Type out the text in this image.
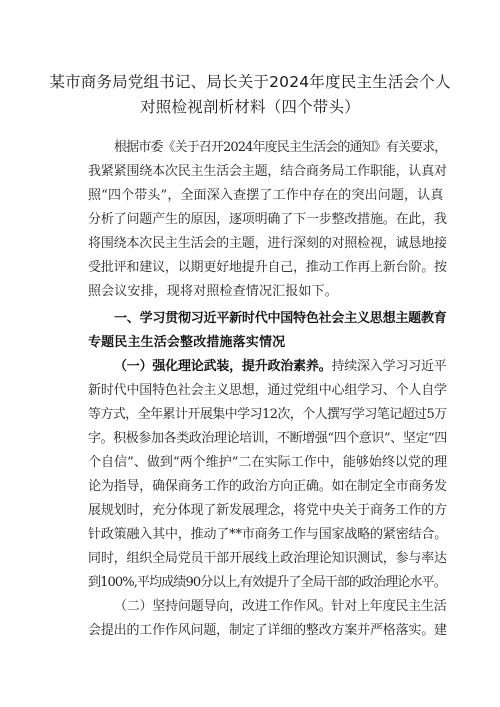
某市商务局党组书记、局长关于2024年度民主生活会个人
对照检视剖析材料（四个带头）
根据市委《关于召开2024年度民主生活会的通知》有关要求，
我紧紧围绕本次民主生活会主题，结合商务局工作职能，认真对
照“四个带头”，全面深入查摆了工作中存在的突出问题，认真
分析了问题产生的原因，逐项明确了下一步整改措施。在此，我
将围绕本次民主生活会的主题，进行深刻的对照检视，诚恳地接
受批评和建议，以期更好地提升自己，推动工作再上新台阶。按
照会议安排，现将对照检查情况汇报如下。
一、学习贯彻习近平新时代中国特色社会主义思想主题教育
专题民主生活会整改措施落实情况
（一）强化理论武装，提升政治素养。持续深入学习习近平
新时代中国特色社会主义思想，通过党组中心组学习、个人自学
等方式，全年累计开展集中学习12次，个人撰写学习笔记超过5万
字。积极参加各类政治理论培训，不断增强“四个意识”、坚定“四
个自信”、做到“两个维护”二在实际工作中，能够始终以党的理
论为指导，确保商务工作的政治方向正确。如在制定全市商务发
展规划时，充分体现了新发展理念，将党中央关于商务工作的方
针政策融入其中，推动了**市商务工作与国家战略的紧密结合。
同时，组织全局党员干部开展线上政治理论知识测试，参与率达
到100%,平均成绩90分以上,有效提升了全局干部的政治理论水平。
（二）坚持问题导向，改进工作作风。针对上年度民主生活
会提出的工作作风问题，制定了详细的整改方案并严格落实。建
